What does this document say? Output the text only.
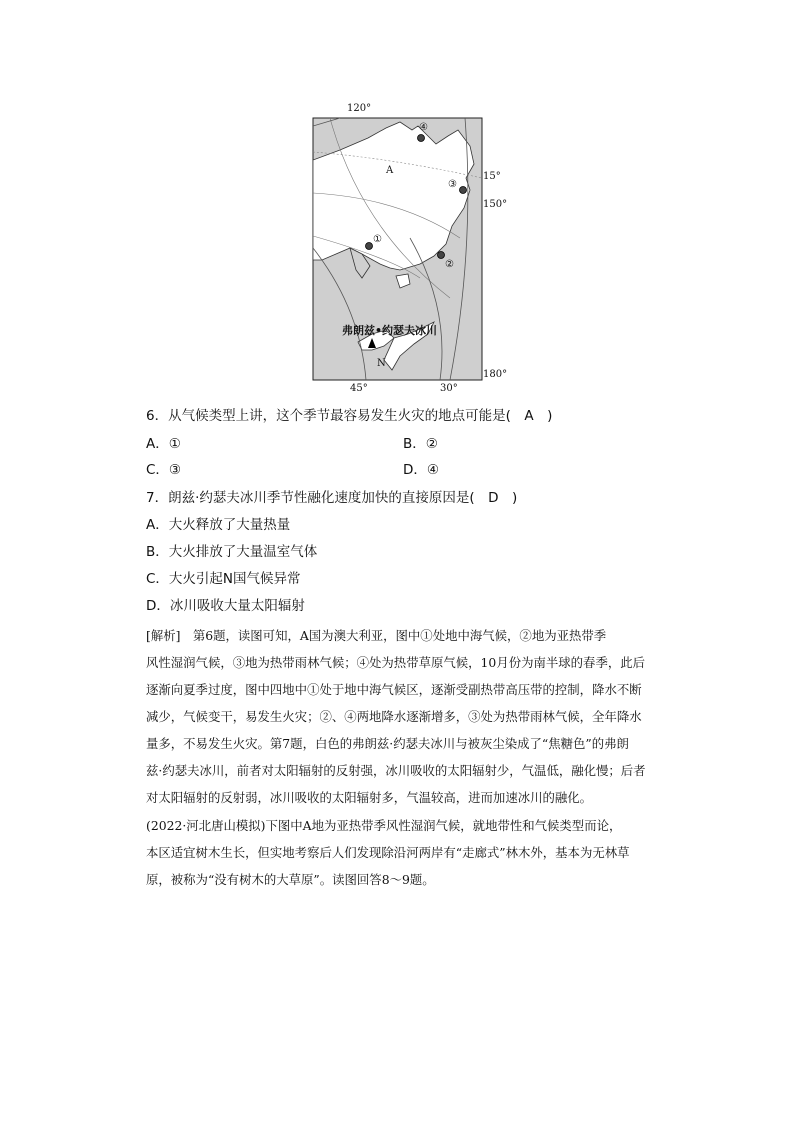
①
②
③
④
120°
15°
150°
180°
45°	30°
A
N
弗朗兹•约瑟夫冰川
6．从气候类型上讲，这个季节最容易发生火灾的地点可能是(　A　)
A．①	B．②
C．③	D．④
7．朗兹·约瑟夫冰川季节性融化速度加快的直接原因是(　D　)
A．大火释放了大量热量
B．大火排放了大量温室气体
C．大火引起N国气候异常
D．冰川吸收大量太阳辐射
[解析]　第6题，读图可知，A国为澳大利亚，图中①处地中海气候，②地为亚热带季
风性湿润气候，③地为热带雨林气候；④处为热带草原气候，10月份为南半球的春季，此后
逐渐向夏季过度，图中四地中①处于地中海气候区，逐渐受副热带高压带的控制，降水不断
减少，气候变干，易发生火灾；②、④两地降水逐渐增多，③处为热带雨林气候，全年降水
量多，不易发生火灾。第7题，白色的弗朗兹·约瑟夫冰川与被灰尘染成了“焦糖色”的弗朗
兹·约瑟夫冰川，前者对太阳辐射的反射强，冰川吸收的太阳辐射少，气温低，融化慢；后者
对太阳辐射的反射弱，冰川吸收的太阳辐射多，气温较高，进而加速冰川的融化。
(2022·河北唐山模拟)下图中A地为亚热带季风性湿润气候，就地带性和气候类型而论，
本区适宜树木生长，但实地考察后人们发现除沿河两岸有“走廊式”林木外，基本为无林草
原，被称为“没有树木的大草原”。读图回答8～9题。
